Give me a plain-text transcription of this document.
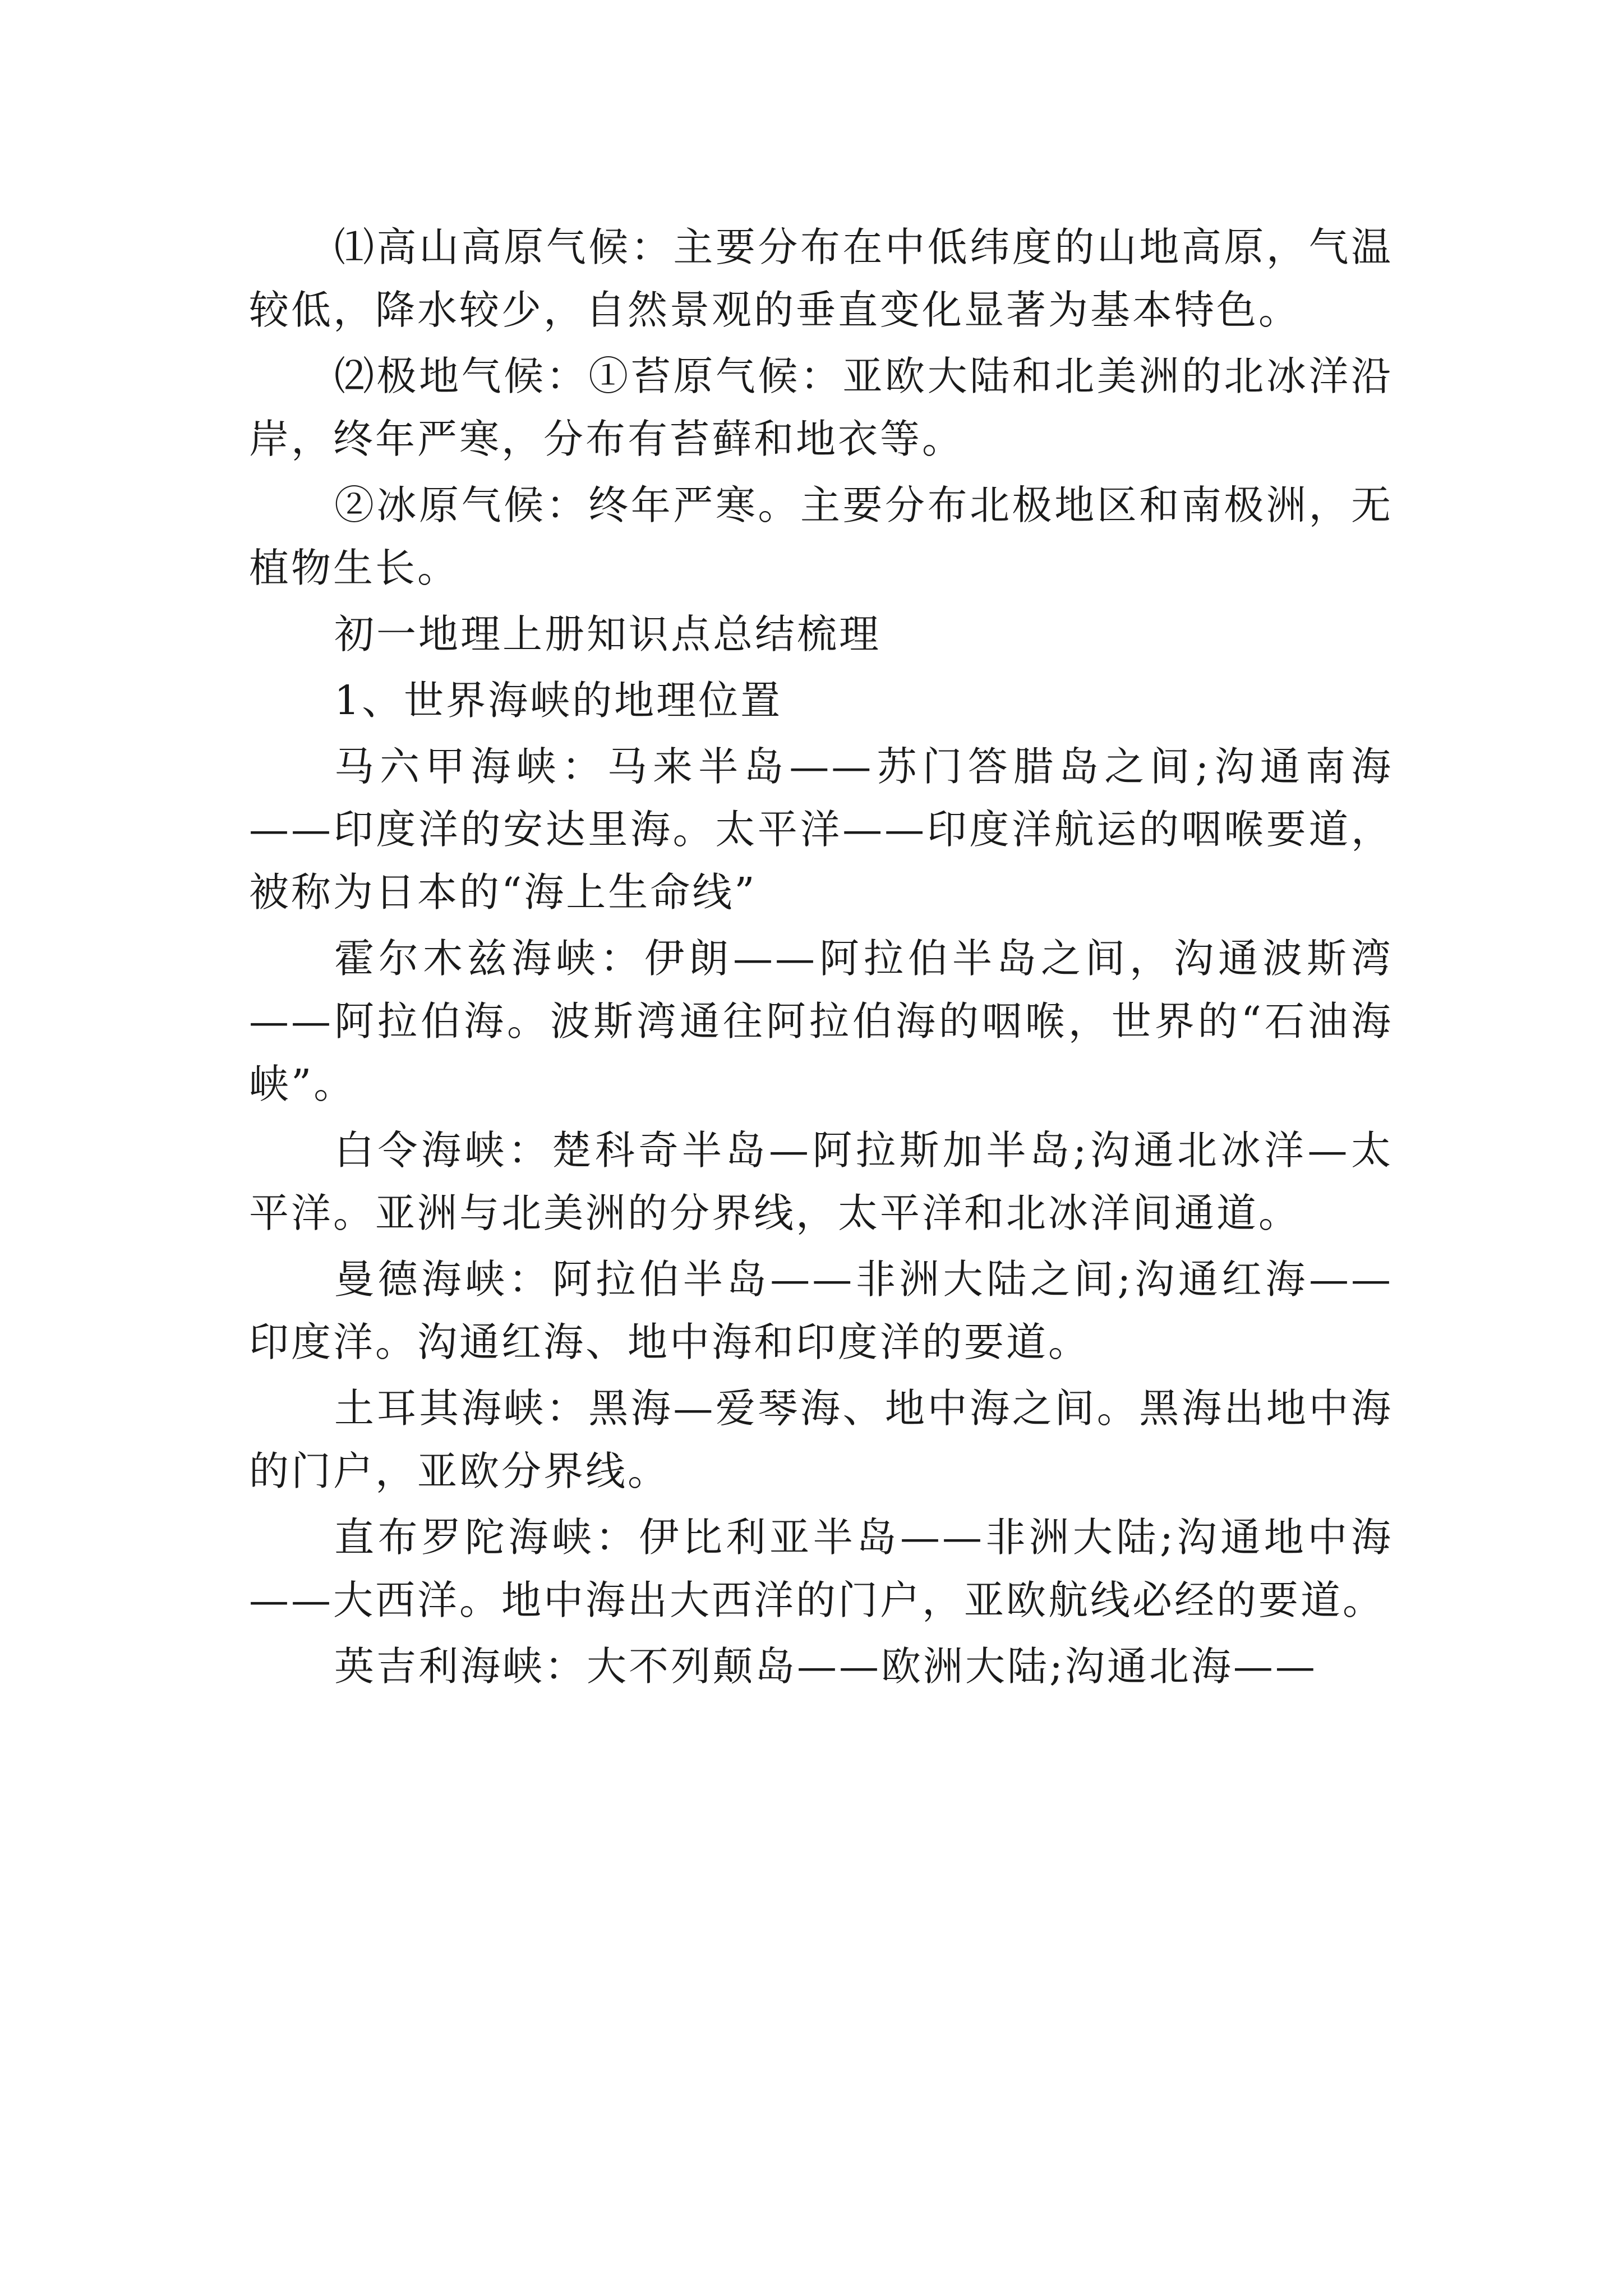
⑴高山高原气候：主要分布在中低纬度的山地高原，气温较低，降水较少，自然景观的垂直变化显著为基本特色。

⑵极地气候：①苔原气候：亚欧大陆和北美洲的北冰洋沿岸，终年严寒，分布有苔藓和地衣等。

②冰原气候：终年严寒。主要分布北极地区和南极洲，无植物生长。

初一地理上册知识点总结梳理

1、世界海峡的地理位置

马六甲海峡：马来半岛——苏门答腊岛之间;沟通南海——印度洋的安达里海。太平洋——印度洋航运的咽喉要道，被称为日本的“海上生命线”

霍尔木兹海峡：伊朗——阿拉伯半岛之间，沟通波斯湾——阿拉伯海。波斯湾通往阿拉伯海的咽喉，世界的“石油海峡”。

白令海峡：楚科奇半岛—阿拉斯加半岛;沟通北冰洋—太平洋。亚洲与北美洲的分界线，太平洋和北冰洋间通道。

曼德海峡：阿拉伯半岛——非洲大陆之间;沟通红海——印度洋。沟通红海、地中海和印度洋的要道。

土耳其海峡：黑海—爱琴海、地中海之间。黑海出地中海的门户，亚欧分界线。

直布罗陀海峡：伊比利亚半岛——非洲大陆;沟通地中海——大西洋。地中海出大西洋的门户，亚欧航线必经的要道。

英吉利海峡：大不列颠岛——欧洲大陆;沟通北海——
